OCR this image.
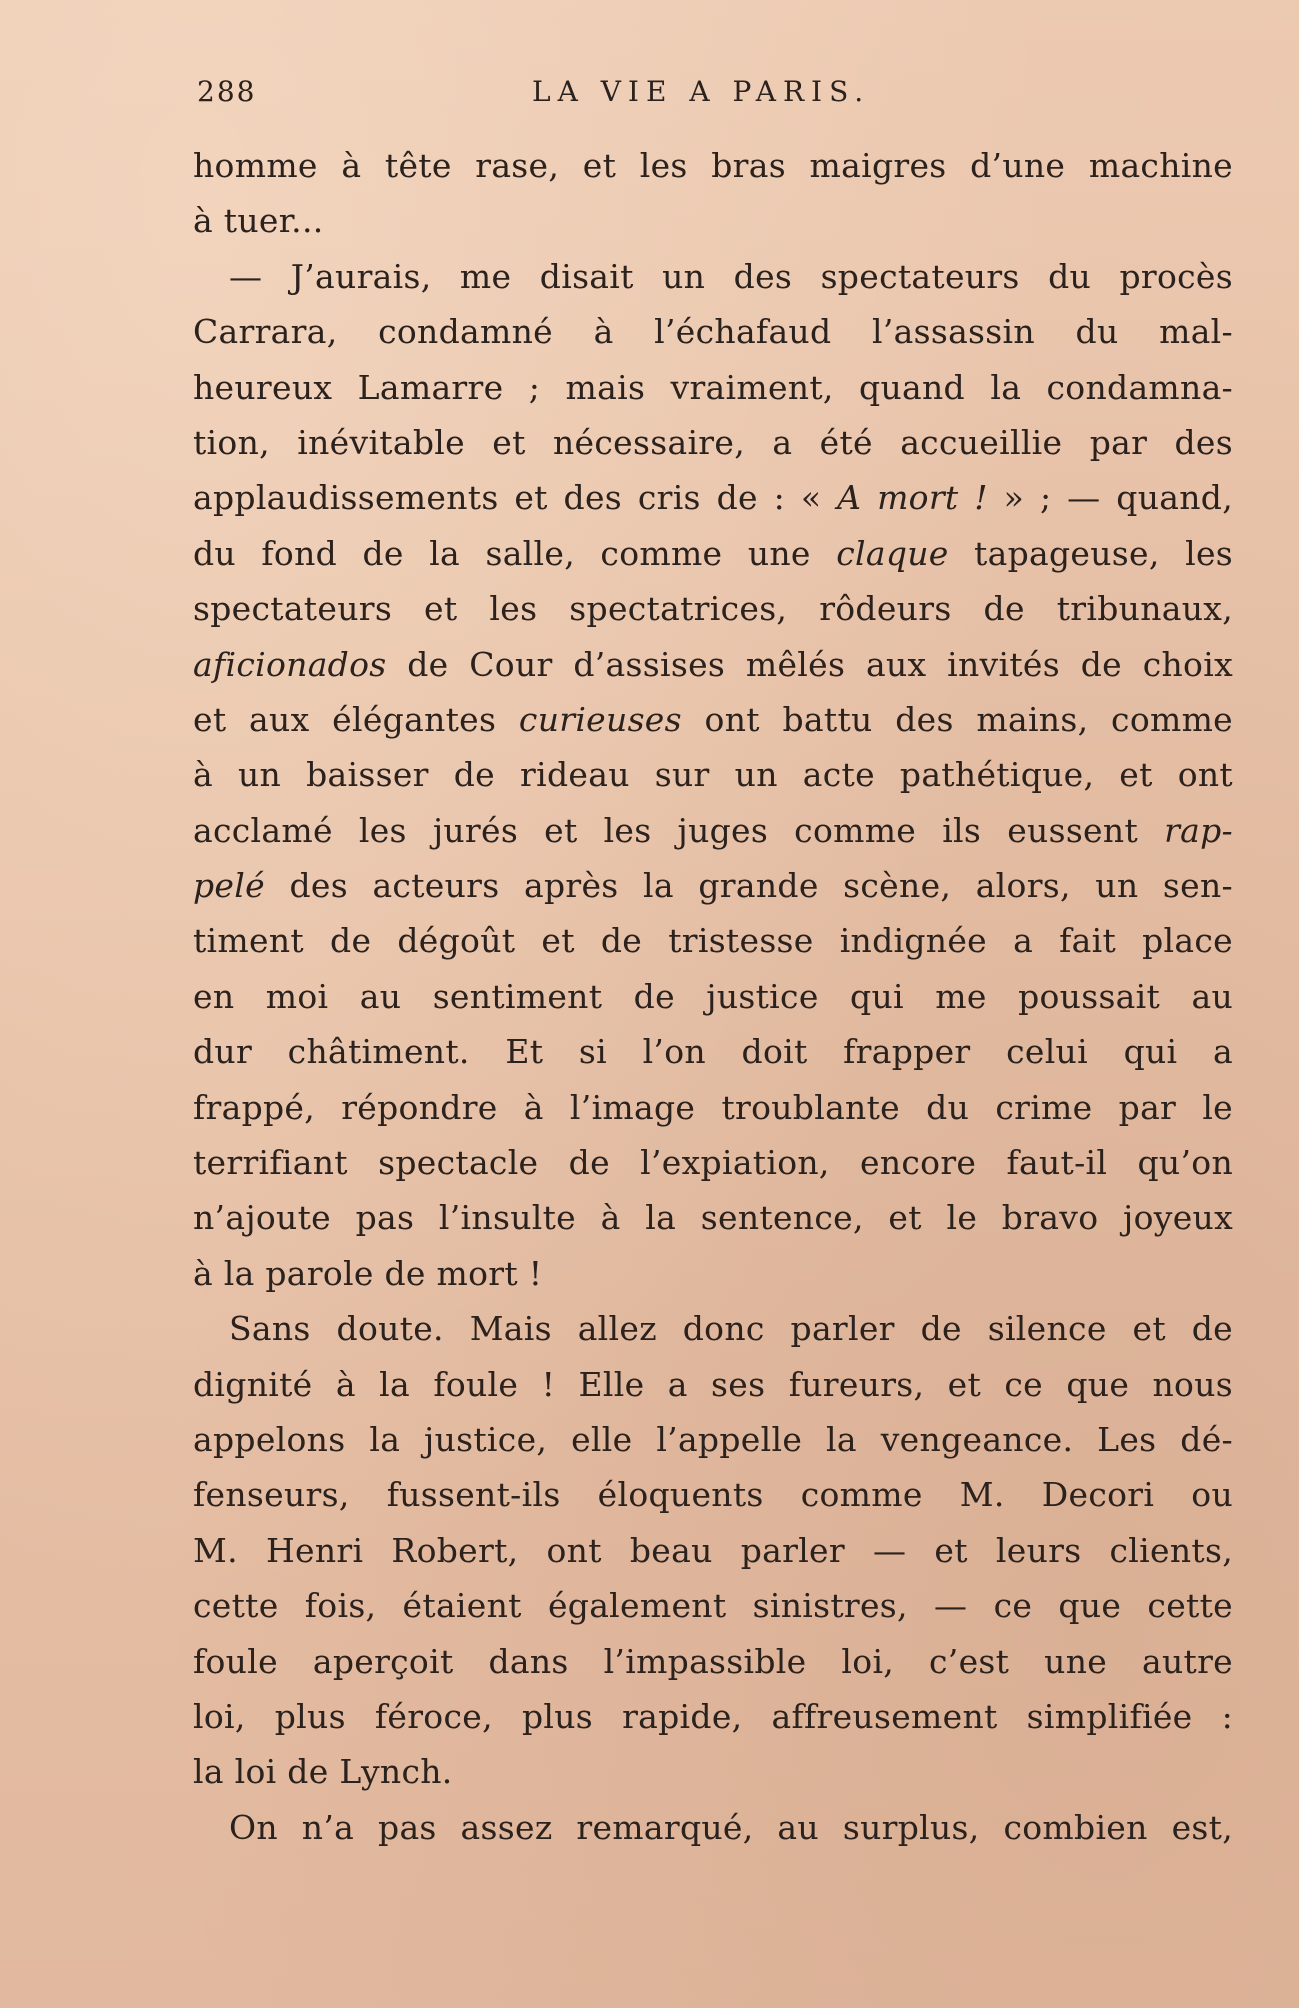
288	LA VIE A PARIS.
homme à tête rase, et les bras maigres d’une machine
à tuer...
— J’aurais, me disait un des spectateurs du procès
Carrara, condamné à l’échafaud l’assassin du mal-
heureux Lamarre ; mais vraiment, quand la condamna-
tion, inévitable et nécessaire, a été accueillie par des
applaudissements et des cris de : « A mort ! » ; — quand,
du fond de la salle, comme une claque tapageuse, les
spectateurs et les spectatrices, rôdeurs de tribunaux,
aficionados de Cour d’assises mêlés aux invités de choix
et aux élégantes curieuses ont battu des mains, comme
à un baisser de rideau sur un acte pathétique, et ont
acclamé les jurés et les juges comme ils eussent rap-
pelé des acteurs après la grande scène, alors, un sen-
timent de dégoût et de tristesse indignée a fait place
en moi au sentiment de justice qui me poussait au
dur châtiment. Et si l’on doit frapper celui qui a
frappé, répondre à l’image troublante du crime par le
terrifiant spectacle de l’expiation, encore faut-il qu’on
n’ajoute pas l’insulte à la sentence, et le bravo joyeux
à la parole de mort !
Sans doute. Mais allez donc parler de silence et de
dignité à la foule ! Elle a ses fureurs, et ce que nous
appelons la justice, elle l’appelle la vengeance. Les dé-
fenseurs, fussent-ils éloquents comme M. Decori ou
M. Henri Robert, ont beau parler — et leurs clients,
cette fois, étaient également sinistres, — ce que cette
foule aperçoit dans l’impassible loi, c’est une autre
loi, plus féroce, plus rapide, affreusement simplifiée :
la loi de Lynch.
On n’a pas assez remarqué, au surplus, combien est,
